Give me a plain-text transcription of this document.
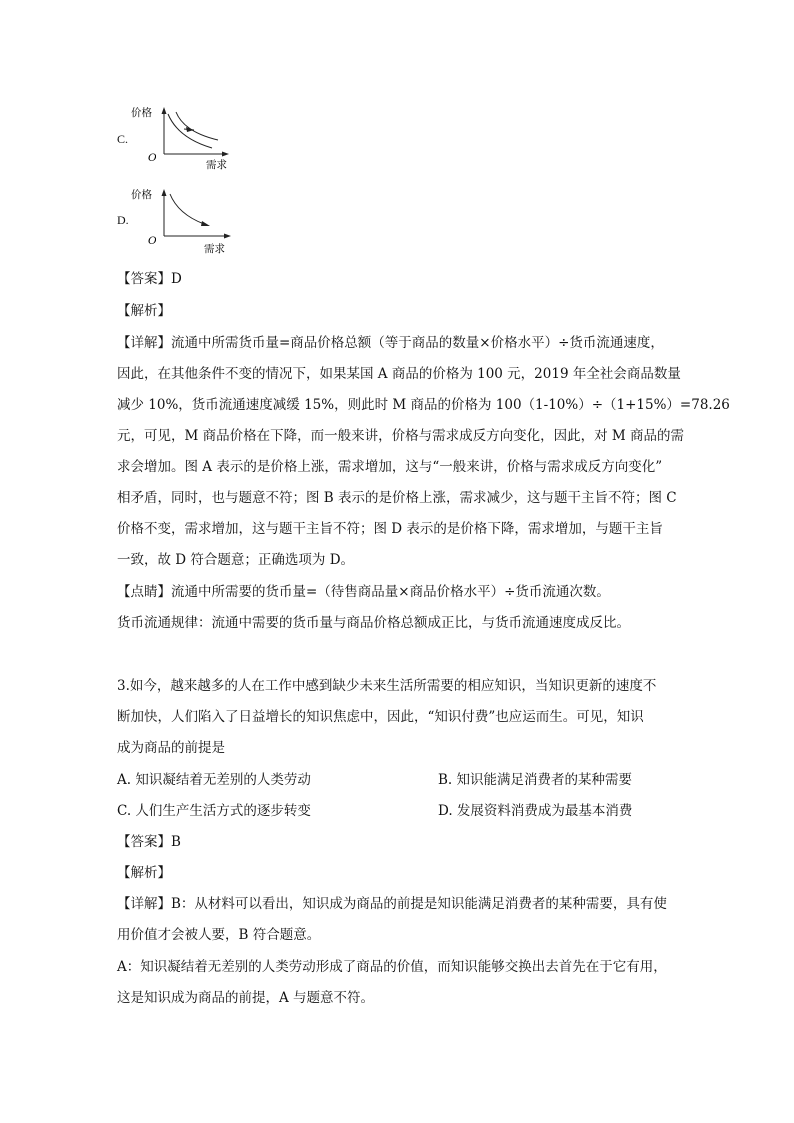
C.
价格
O
需求
D.
价格
O
需求
【答案】D
【解析】
【详解】流通中所需货币量=商品价格总额（等于商品的数量×价格水平）÷货币流通速度，
因此，在其他条件不变的情况下，如果某国 A 商品的价格为 100 元，2019 年全社会商品数量
减少 10%，货币流通速度减缓 15%，则此时 M 商品的价格为 100（1-10%）÷（1+15%）=78.26
元，可见，M 商品价格在下降，而一般来讲，价格与需求成反方向变化，因此，对 M 商品的需
求会增加。图 A 表示的是价格上涨，需求增加，这与“一般来讲，价格与需求成反方向变化”
相矛盾，同时，也与题意不符；图 B 表示的是价格上涨，需求减少，这与题干主旨不符；图 C
价格不变，需求增加，这与题干主旨不符；图 D 表示的是价格下降，需求增加，与题干主旨
一致，故 D 符合题意；正确选项为 D。
【点睛】流通中所需要的货币量=（待售商品量×商品价格水平）÷货币流通次数。
货币流通规律：流通中需要的货币量与商品价格总额成正比，与货币流通速度成反比。
3.如今，越来越多的人在工作中感到缺少未来生活所需要的相应知识，当知识更新的速度不
断加快，人们陷入了日益增长的知识焦虑中，因此，“知识付费”也应运而生。可见，知识
成为商品的前提是
A. 知识凝结着无差别的人类劳动	B. 知识能满足消费者的某种需要
C. 人们生产生活方式的逐步转变	D. 发展资料消费成为最基本消费
【答案】B
【解析】
【详解】B：从材料可以看出，知识成为商品的前提是知识能满足消费者的某种需要，具有使
用价值才会被人要，B 符合题意。
A：知识凝结着无差别的人类劳动形成了商品的价值，而知识能够交换出去首先在于它有用，
这是知识成为商品的前提，A 与题意不符。
